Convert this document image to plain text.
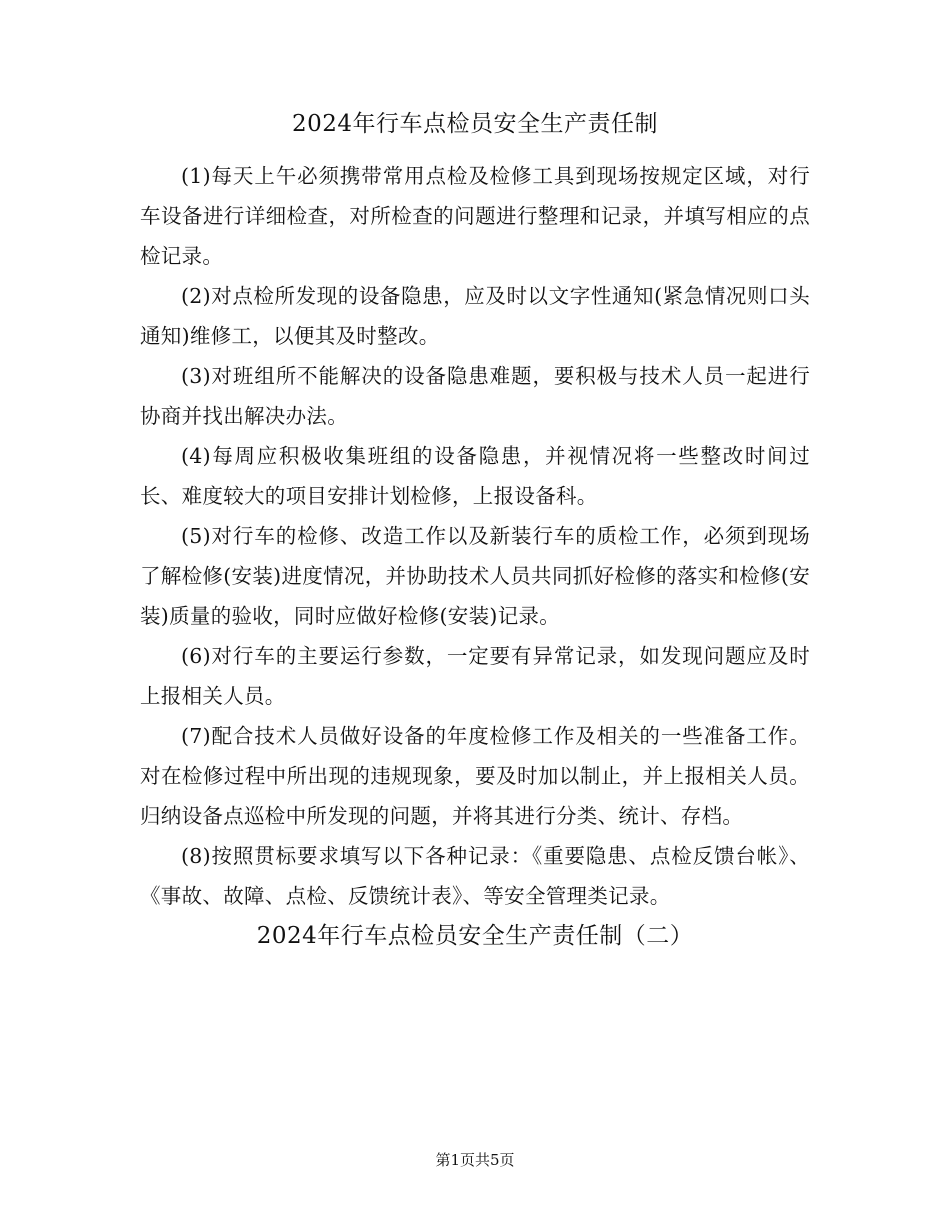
2024年行车点检员安全生产责任制

(1)每天上午必须携带常用点检及检修工具到现场按规定区域，对行车设备进行详细检查，对所检查的问题进行整理和记录，并填写相应的点检记录。

(2)对点检所发现的设备隐患，应及时以文字性通知(紧急情况则口头通知)维修工，以便其及时整改。

(3)对班组所不能解决的设备隐患难题，要积极与技术人员一起进行协商并找出解决办法。

(4)每周应积极收集班组的设备隐患，并视情况将一些整改时间过长、难度较大的项目安排计划检修，上报设备科。

(5)对行车的检修、改造工作以及新装行车的质检工作，必须到现场了解检修(安装)进度情况，并协助技术人员共同抓好检修的落实和检修(安装)质量的验收，同时应做好检修(安装)记录。

(6)对行车的主要运行参数，一定要有异常记录，如发现问题应及时上报相关人员。

(7)配合技术人员做好设备的年度检修工作及相关的一些准备工作。对在检修过程中所出现的违规现象，要及时加以制止，并上报相关人员。归纳设备点巡检中所发现的问题，并将其进行分类、统计、存档。

(8)按照贯标要求填写以下各种记录：《重要隐患、点检反馈台帐》、《事故、故障、点检、反馈统计表》、等安全管理类记录。

2024年行车点检员安全生产责任制（二）
第1页共5页
